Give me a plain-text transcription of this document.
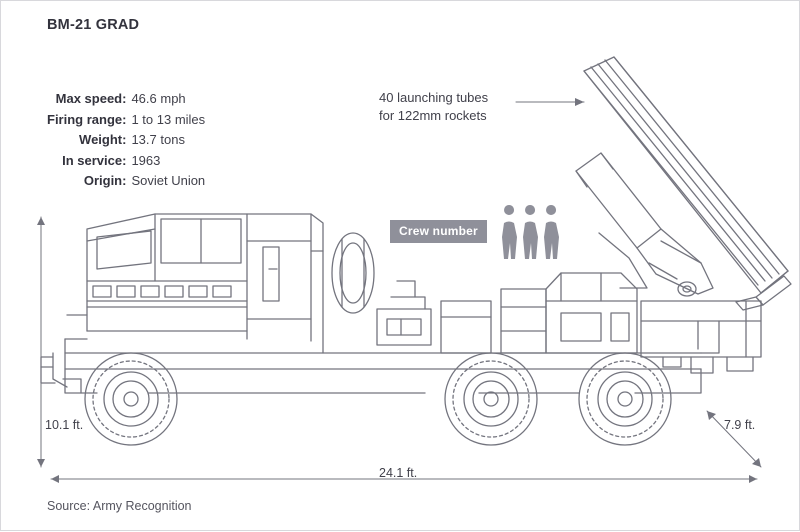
BM-21 GRAD
Max speed:	46.6 mph
Firing range:	1 to 13 miles
Weight:	13.7 tons
In service:	1963
Origin:	Soviet Union
40 launching tubes
for 122mm rockets
Crew number
10.1 ft.
24.1 ft.
7.9 ft.
Source: Army Recognition
